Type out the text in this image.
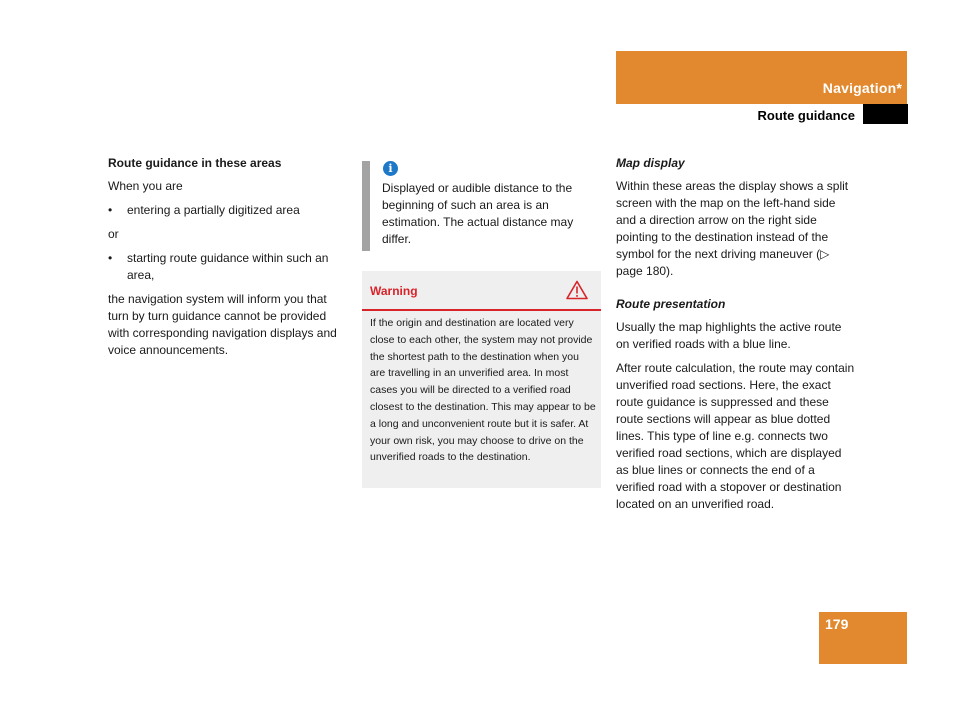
Navigation*
Route guidance

Route guidance in these areas

When you are

•	entering a partially digitized area

or

•	starting route guidance within such an area,

the navigation system will inform you that turn by turn guidance cannot be provided with corresponding navigation displays and voice announcements.

i
Displayed or audible distance to the beginning of such an area is an estimation. The actual distance may differ.
Warning
If the origin and destination are located very close to each other, the system may not provide the shortest path to the destination when you are travelling in an unverified area. In most cases you will be directed to a verified road closest to the destination. This may appear to be a long and unconvenient route but it is safer. At your own risk, you may choose to drive on the unverified roads to the destination.

Map display

Within these areas the display shows a split screen with the map on the left-hand side and a direction arrow on the right side pointing to the destination instead of the symbol for the next driving maneuver (▷ page 180).

Route presentation

Usually the map highlights the active route on verified roads with a blue line.

After route calculation, the route may contain unverified road sections. Here, the exact route guidance is suppressed and these route sections will appear as blue dotted lines. This type of line e.g. connects two verified road sections, which are displayed as blue lines or connects the end of a verified road with a stopover or destination located on an unverified road.

179
